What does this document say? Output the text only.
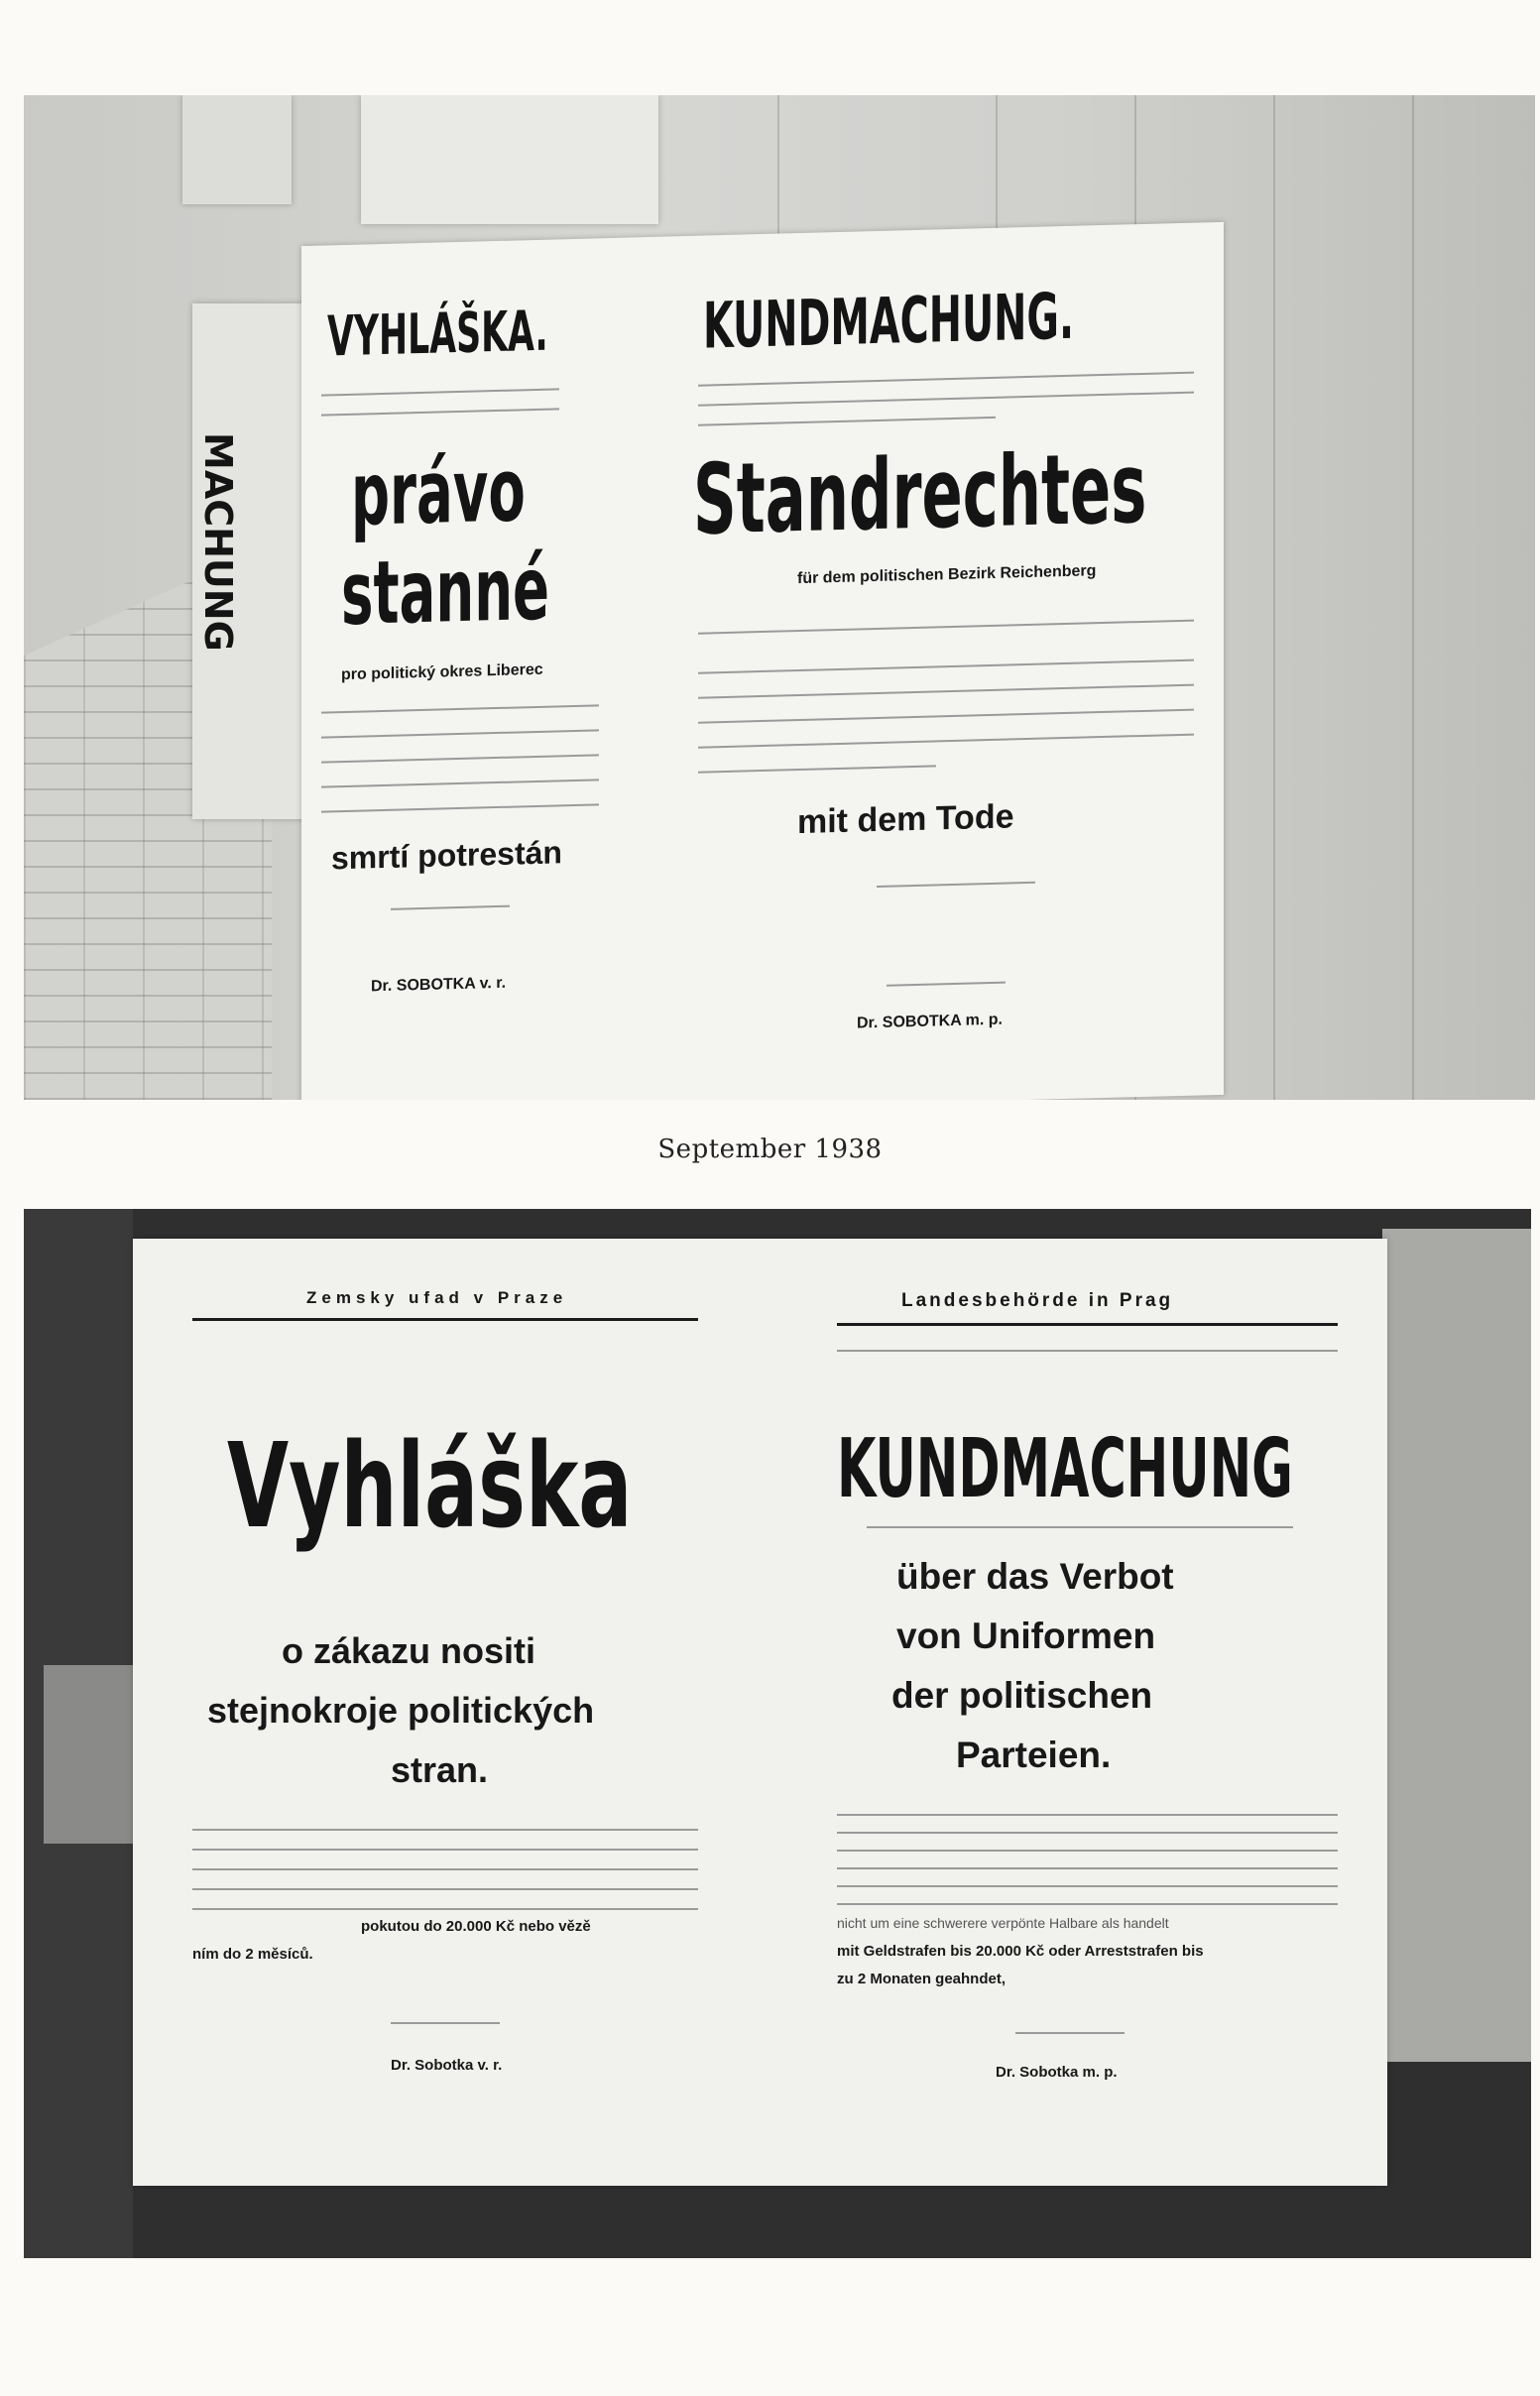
MACHUNG
VYHLÁŠKA.
právo
stanné
pro politický okres Liberec
smrtí potrestán
Dr. SOBOTKA v. r.
KUNDMACHUNG.
Standrechtes
für dem politischen Bezirk Reichenberg
mit dem Tode
Dr. SOBOTKA m. p.
September 1938
Zemsky ufad v Praze
Vyhláška
o zákazu nositi
stejnokroje politických
stran.
pokutou do 20.000 Kč nebo vězě
ním do 2 měsíců.
Dr. Sobotka v. r.
Landesbehörde in Prag
KUNDMACHUNG
über das Verbot
von Uniformen
der politischen
Parteien.
nicht um eine schwerere verpönte Halbare als handelt
mit Geldstrafen bis 20.000 Kč oder Arreststrafen bis
zu 2 Monaten geahndet,
Dr. Sobotka m. p.
